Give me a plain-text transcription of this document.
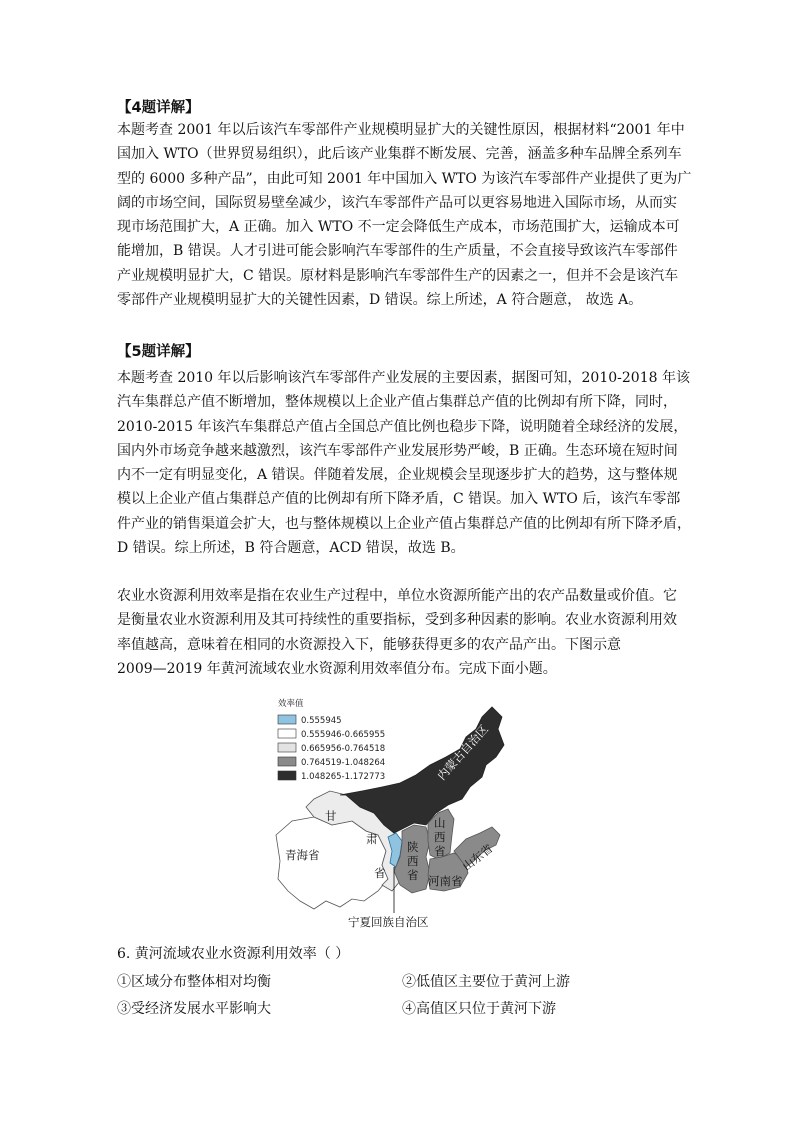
【4题详解】
本题考查 2001 年以后该汽车零部件产业规模明显扩大的关键性原因，根据材料“2001 年中
国加入 WTO（世界贸易组织），此后该产业集群不断发展、完善，涵盖多种车品牌全系列车
型的 6000 多种产品”，由此可知 2001 年中国加入 WTO 为该汽车零部件产业提供了更为广
阔的市场空间，国际贸易壁垒减少，该汽车零部件产品可以更容易地进入国际市场，从而实
现市场范围扩大，A 正确。加入 WTO 不一定会降低生产成本，市场范围扩大，运输成本可
能增加，B 错误。人才引进可能会影响汽车零部件的生产质量，不会直接导致该汽车零部件
产业规模明显扩大，C 错误。原材料是影响汽车零部件生产的因素之一，但并不会是该汽车
零部件产业规模明显扩大的关键性因素，D 错误。综上所述，A 符合题意， 故选 A。
【5题详解】
本题考查 2010 年以后影响该汽车零部件产业发展的主要因素，据图可知，2010-2018 年该
汽车集群总产值不断增加，整体规模以上企业产值占集群总产值的比例却有所下降，同时，
2010-2015 年该汽车集群总产值占全国总产值比例也稳步下降，说明随着全球经济的发展，
国内外市场竞争越来越激烈，该汽车零部件产业发展形势严峻，B 正确。生态环境在短时间
内不一定有明显变化，A 错误。伴随着发展，企业规模会呈现逐步扩大的趋势，这与整体规
模以上企业产值占集群总产值的比例却有所下降矛盾，C 错误。加入 WTO 后，该汽车零部
件产业的销售渠道会扩大，也与整体规模以上企业产值占集群总产值的比例却有所下降矛盾，
D 错误。综上所述，B 符合题意，ACD 错误，故选 B。
农业水资源利用效率是指在农业生产过程中，单位水资源所能产出的农产品数量或价值。它
是衡量农业水资源利用及其可持续性的重要指标，受到多种因素的影响。农业水资源利用效
率值越高，意味着在相同的水资源投入下，能够获得更多的农产品产出。下图示意
2009—2019 年黄河流域农业水资源利用效率值分布。完成下面小题。
效率值
0.555945
0.555946-0.665955
0.665956-0.764518
0.764519-1.048264
1.048265-1.172773	内蒙古自治区
甘
肃
省
青海省
山
西
省
陕
西
省 河南省
山东省
宁夏回族自治区
6. 黄河流域农业水资源利用效率（ ）
①区域分布整体相对均衡	②低值区主要位于黄河上游
③受经济发展水平影响大	④高值区只位于黄河下游
